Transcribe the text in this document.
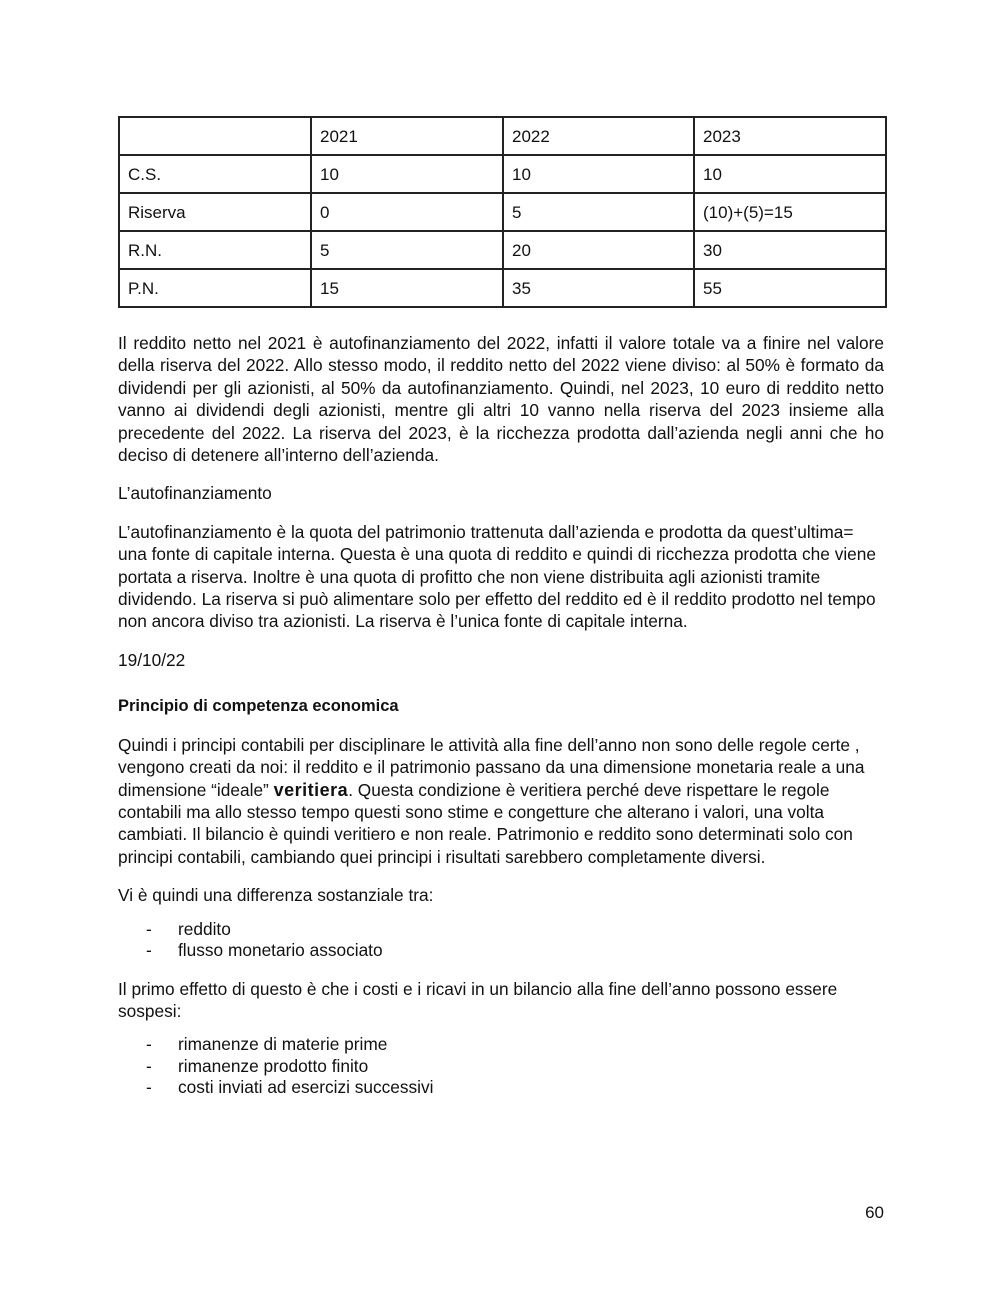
	2021	2022	2023
C.S.	10	10	10
Riserva	0	5	(10)+(5)=15
R.N.	5	20	30
P.N.	15	35	55

Il reddito netto nel 2021 è autofinanziamento del 2022, infatti il valore totale va a finire nel valore della riserva del 2022. Allo stesso modo, il reddito netto del 2022 viene diviso: al 50% è formato da dividendi per gli azionisti, al 50% da autofinanziamento. Quindi, nel 2023, 10 euro di reddito netto vanno ai dividendi degli azionisti, mentre gli altri 10 vanno nella riserva del 2023 insieme alla precedente del 2022. La riserva del 2023, è la ricchezza prodotta dall’azienda negli anni che ho deciso di detenere all’interno dell’azienda.

L’autofinanziamento

L’autofinanziamento è la quota del patrimonio trattenuta dall’azienda e prodotta da quest’ultima= una fonte di capitale interna. Questa è una quota di reddito e quindi di ricchezza prodotta che viene portata a riserva. Inoltre è una quota di profitto che non viene distribuita agli azionisti tramite dividendo. La riserva si può alimentare solo per effetto del reddito ed è il reddito prodotto nel tempo non ancora diviso tra azionisti. La riserva è l’unica fonte di capitale interna.

19/10/22

Principio di competenza economica

Quindi i principi contabili per disciplinare le attività alla fine dell’anno non sono delle regole certe , vengono creati da noi: il reddito e il patrimonio passano da una dimensione monetaria reale a una dimensione “ideale” veritiera. Questa condizione è veritiera perché deve rispettare le regole contabili ma allo stesso tempo questi sono stime e congetture che alterano i valori, una volta cambiati. Il bilancio è quindi veritiero e non reale. Patrimonio e reddito sono determinati solo con principi contabili, cambiando quei principi i risultati sarebbero completamente diversi.

Vi è quindi una differenza sostanziale tra:

- reddito
- flusso monetario associato

Il primo effetto di questo è che i costi e i ricavi in un bilancio alla fine dell’anno possono essere sospesi:

- rimanenze di materie prime
- rimanenze prodotto finito
- costi inviati ad esercizi successivi
60
